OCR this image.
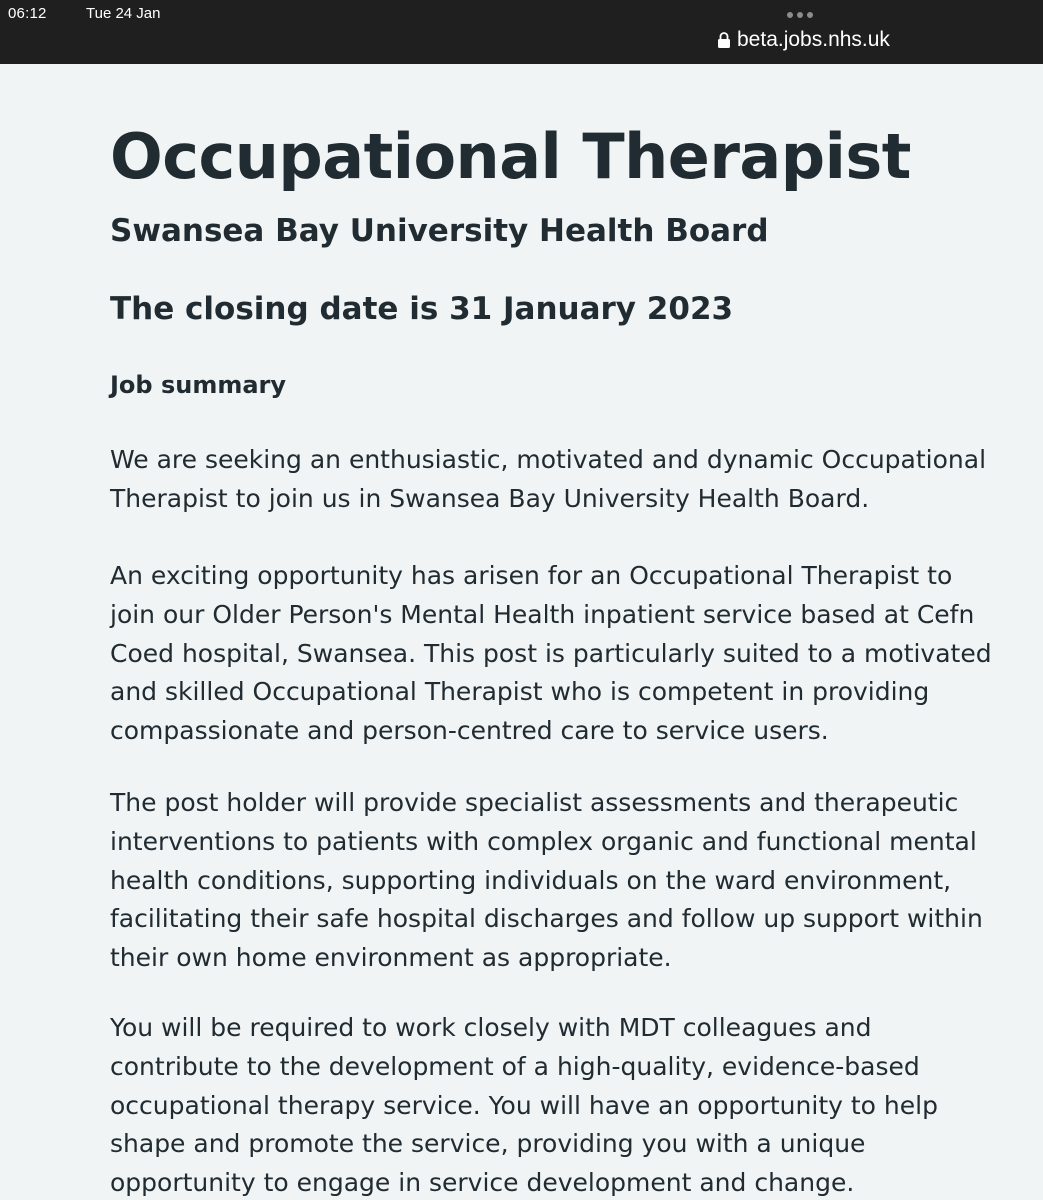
06:12	Tue 24 Jan
beta.jobs.nhs.uk
Occupational Therapist
Swansea Bay University Health Board
The closing date is 31 January 2023
Job summary

We are seeking an enthusiastic, motivated and dynamic Occupational
Therapist to join us in Swansea Bay University Health Board.

An exciting opportunity has arisen for an Occupational Therapist to
join our Older Person's Mental Health inpatient service based at Cefn
Coed hospital, Swansea. This post is particularly suited to a motivated
and skilled Occupational Therapist who is competent in providing
compassionate and person-centred care to service users.

The post holder will provide specialist assessments and therapeutic
interventions to patients with complex organic and functional mental
health conditions, supporting individuals on the ward environment,
facilitating their safe hospital discharges and follow up support within
their own home environment as appropriate.

You will be required to work closely with MDT colleagues and
contribute to the development of a high-quality, evidence-based
occupational therapy service. You will have an opportunity to help
shape and promote the service, providing you with a unique
opportunity to engage in service development and change.
